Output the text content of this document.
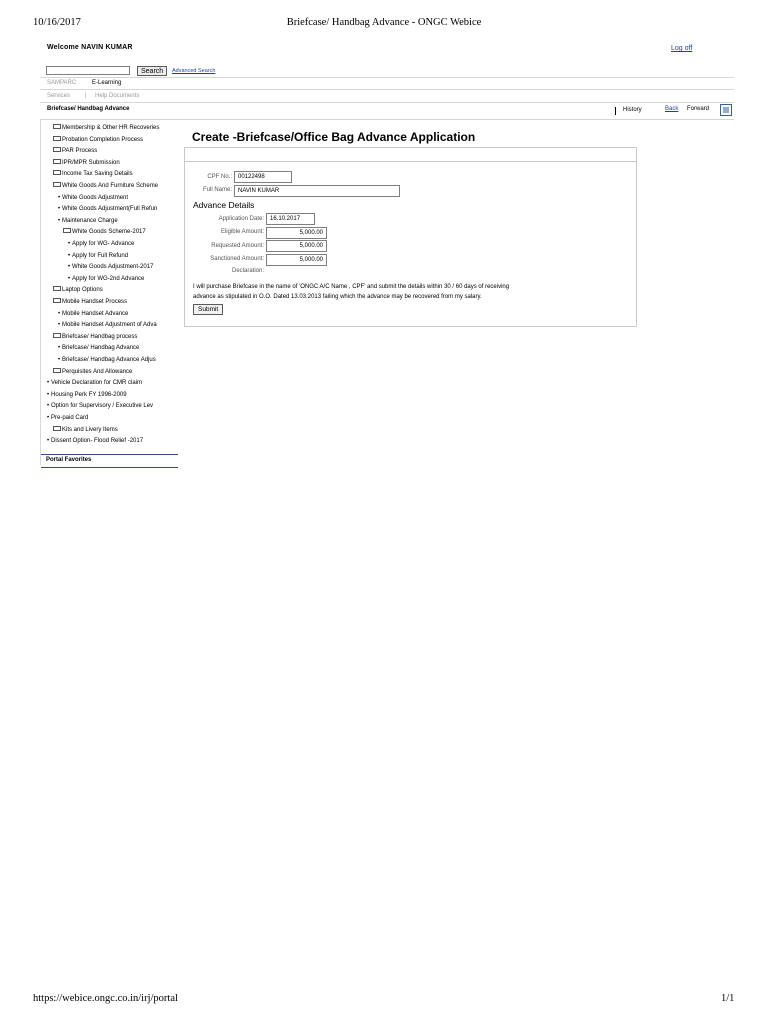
10/16/2017	Briefcase/ Handbag Advance - ONGC Webice
Welcome NAVIN KUMAR	Log off
Search	Advanced Search
SAMPARC	E-Learning
Services | Help Documents
Briefcase/ Handbag Advance	History	Back Forward
Membership & Other HR Recoveries
Probation Completion Process
PAR Process
IPR/MPR Submission
Income Tax Saving Details
White Goods And Furniture Scheme
• White Goods Adjustment
• White Goods Adjustment(Full Refun
• Maintenance Charge
White Goods Scheme-2017
• Apply for WG- Advance
• Apply for Full Refund
• White Goods Adjustment-2017
• Apply for WG-2nd Advance
Laptop Options
Mobile Handset Process
• Mobile Handset Advance
• Mobile Handset Adjustment of Adva
Briefcase/ Handbag process
• Briefcase/ Handbag Advance
• Briefcase/ Handbag Advance Adjus
Perquisites And Allowance
• Vehicle Declaration for CMR claim
• Housing Perk FY 1996-2009
• Option for Supervisory / Executive Lev
• Pre-paid Card
Kits and Livery Items
• Dissent Option- Flood Relief -2017
Portal Favorites
Create -Briefcase/Office Bag Advance Application
CPF No.:	00122498
Full Name:	NAVIN KUMAR
Advance Details
Application Date:	16.10.2017
Eligible Amount:	5,000.00
Requested Amount:	5,000.00
Sanctioned Amount:	5,000.00
Declaration:
I will purchase Briefcase in the name of 'ONGC A/C Name , CPF' and submit the details within 30 / 60 days of receiving
advance as stipulated in O.O. Dated 13.03.2013 failing which the advance may be recovered from my salary.
Submit
https://webice.ongc.co.in/irj/portal	1/1
